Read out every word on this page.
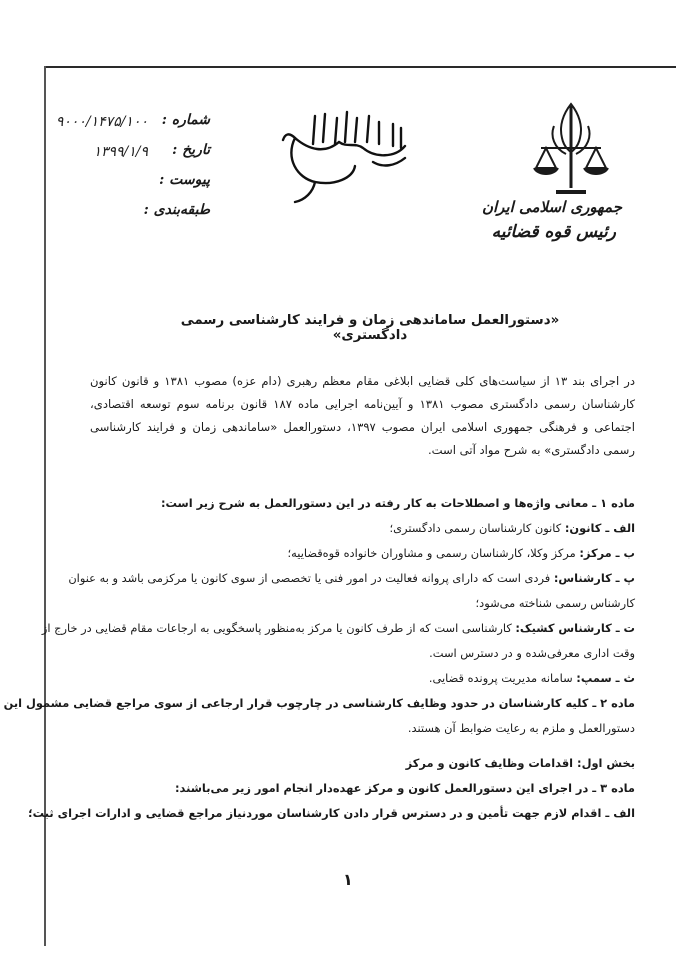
جمهوری اسلامی ایران
رئیس قوه قضائیه
شماره :
۹۰۰۰/۱۴۷۵/۱۰۰
تاریخ :
۱۳۹۹/۱/۹
پیوست :
طبقه‌بندی :
«دستورالعمل ساماندهی زمان و فرایند کارشناسی رسمی دادگستری»
در اجرای بند ۱۳ از سیاست‌های کلی قضایی ابلاغی مقام معظم رهبری (دام عزه) مصوب ۱۳۸۱ و قانون کانون کارشناسان رسمی دادگستری مصوب ۱۳۸۱ و آیین‌نامه اجرایی ماده ۱۸۷ قانون برنامه سوم توسعه اقتصادی، اجتماعی و فرهنگی جمهوری اسلامی ایران مصوب ۱۳۹۷، دستورالعمل «ساماندهی زمان و فرایند کارشناسی رسمی دادگستری» به شرح مواد آتی است.
ماده ۱ ـ معانی واژه‌ها و اصطلاحات به کار رفته در این دستورالعمل به شرح زیر است:
الف ـ کانون: کانون کارشناسان رسمی دادگستری؛
ب ـ مرکز: مرکز وکلا، کارشناسان رسمی و مشاوران خانواده قوه‌قضاییه؛
پ ـ کارشناس: فردی است که دارای پروانه فعالیت در امور فنی یا تخصصی از سوی کانون یا مرکزمی باشد و به عنوان
کارشناس رسمی شناخته می‌شود؛
ت ـ کارشناس کشیک: کارشناسی است که از طرف کانون یا مرکز به‌منظور پاسخگویی به ارجاعات مقام قضایی در خارج از
وقت اداری معرفی‌شده و در دسترس است.
ث ـ سمپ: سامانه مدیریت پرونده قضایی.
ماده ۲ ـ کلیه کارشناسان در حدود وظایف کارشناسی در چارچوب قرار ارجاعی از سوی مراجع قضایی مشمول این
دستورالعمل و ملزم به رعایت ضوابط آن هستند.
بخش اول: اقدامات وظایف کانون و مرکز
ماده ۳ ـ در اجرای این دستورالعمل کانون و مرکز عهده‌دار انجام امور زیر می‌باشند:
الف ـ اقدام لازم جهت تأمین و در دسترس قرار دادن کارشناسان موردنیاز مراجع قضایی و ادارات اجرای ثبت؛
۱
